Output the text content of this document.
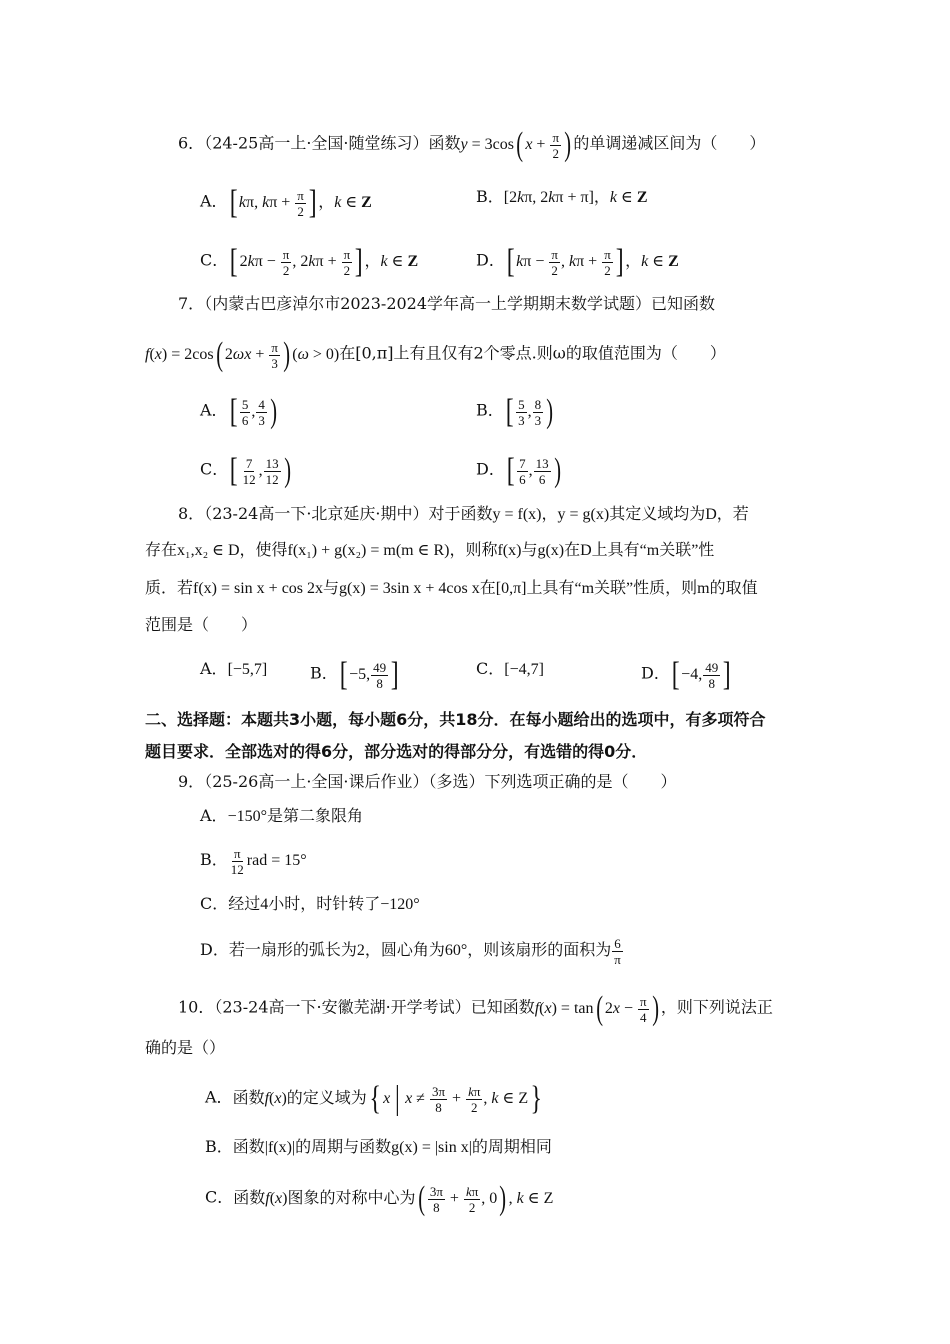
6．（24-25高一上·全国·随堂练习）函数y = 3cos( $x + \frac{\pi}{2}$ ) 的单调递减区间为（　　）
A．[ kπ, $k\pi + \frac{\pi}{2}$ ] ，k ∈ Z	B．[2kπ, 2kπ + π]，k ∈ Z
C．[ $2k\pi - \frac{\pi}{2}$ , $2k\pi + \frac{\pi}{2}$ ] ，k ∈ Z	D．[ $k\pi - \frac{\pi}{2}$ , $k\pi + \frac{\pi}{2}$ ] ，k ∈ Z
7．（内蒙古巴彦淖尔市2023-2024学年高一上学期期末数学试题）已知函数
f(x) = 2cos( $2\omega x + \frac{\pi}{3}$ ) (ω > 0)在[0,π]上有且仅有2个零点.则ω的取值范围为（　　）
A．[ $\frac{5}{6}$ , $\frac{4}{3}$ )	B．[ $\frac{5}{3}$ , $\frac{8}{3}$ )
C．[ $\frac{7}{12}$ , $\frac{13}{12}$ )	D．[ $\frac{7}{6}$ , $\frac{13}{6}$ )
8．（23-24高一下·北京延庆·期中）对于函数y = f(x)，y = g(x)其定义域均为D，若
存在x₁,x₂ ∈ D，使得f(x₁) + g(x₂) = m(m ∈ R)，则称f(x)与g(x)在D上具有“m关联”性
质．若f(x) = sin x + cos 2x与g(x) = 3sin x + 4cos x在[0,π]上具有“m关联”性质，则m的取值
范围是（　　）
A．[−5,7]	B．[ −5, $\frac{49}{8}$ ]	C．[−4,7]	D．[ −4, $\frac{49}{8}$ ]
二、选择题：本题共3小题，每小题6分，共18分．在每小题给出的选项中，有多项符合
题目要求．全部选对的得6分，部分选对的得部分分，有选错的得0分．
9．（25-26高一上·全国·课后作业）（多选）下列选项正确的是（　　）
A．−150°是第二象限角
B． $\frac{\pi}{12}$ rad = 15°
C．经过4小时，时针转了−120°
D．若一扇形的弧长为2，圆心角为60°，则该扇形的面积为 $\frac{6}{\pi}$
10．（23-24高一下·安徽芜湖·开学考试）已知函数f(x) = tan( $2x - \frac{\pi}{4}$ ) ，则下列说法正
确的是（）
A．函数f(x)的定义域为{ x | $x \ne \frac{3\pi}{8} + \frac{k\pi}{2}$ , k ∈ Z}
B．函数|f(x)|的周期与函数g(x) = |sin x|的周期相同
C．函数f(x)图象的对称中心为( $\frac{3\pi}{8} + \frac{k\pi}{2}$ , 0) , k ∈ Z
